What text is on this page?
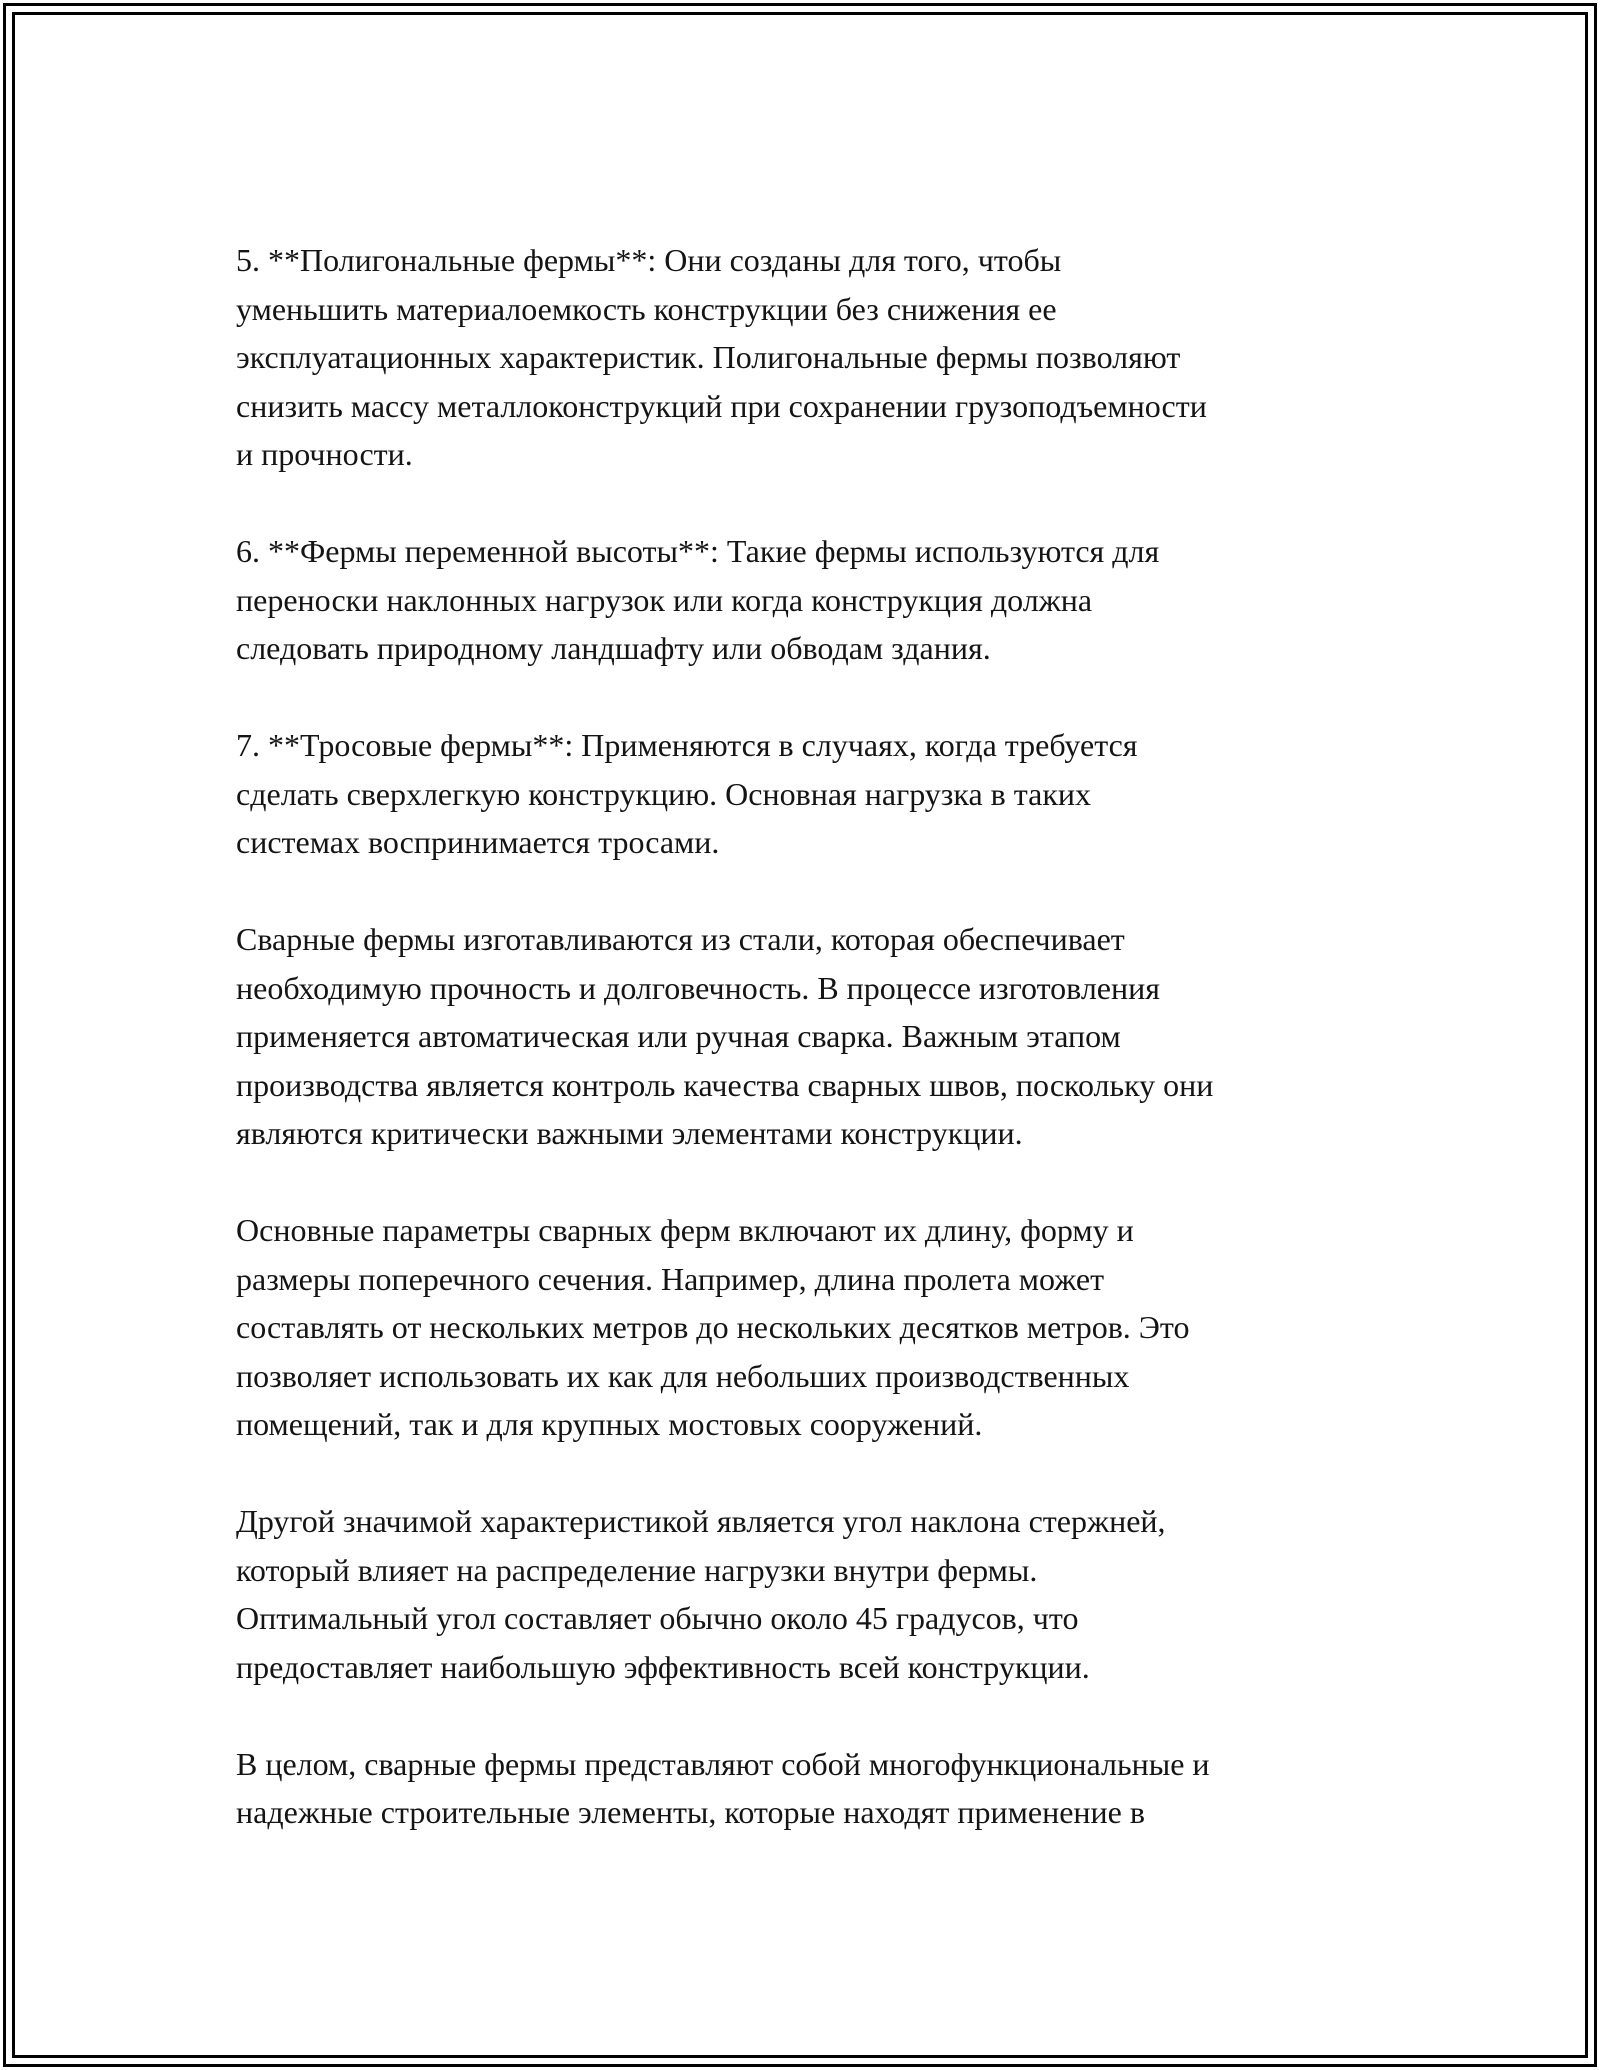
5. **Полигональные фермы**: Они созданы для того, чтобы
уменьшить материалоемкость конструкции без снижения ее
эксплуатационных характеристик. Полигональные фермы позволяют
снизить массу металлоконструкций при сохранении грузоподъемности
и прочности.

6. **Фермы переменной высоты**: Такие фермы используются для
переноски наклонных нагрузок или когда конструкция должна
следовать природному ландшафту или обводам здания.

7. **Тросовые фермы**: Применяются в случаях, когда требуется
сделать сверхлегкую конструкцию. Основная нагрузка в таких
системах воспринимается тросами.

Сварные фермы изготавливаются из стали, которая обеспечивает
необходимую прочность и долговечность. В процессе изготовления
применяется автоматическая или ручная сварка. Важным этапом
производства является контроль качества сварных швов, поскольку они
являются критически важными элементами конструкции.

Основные параметры сварных ферм включают их длину, форму и
размеры поперечного сечения. Например, длина пролета может
составлять от нескольких метров до нескольких десятков метров. Это
позволяет использовать их как для небольших производственных
помещений, так и для крупных мостовых сооружений.

Другой значимой характеристикой является угол наклона стержней,
который влияет на распределение нагрузки внутри фермы.
Оптимальный угол составляет обычно около 45 градусов, что
предоставляет наибольшую эффективность всей конструкции.

В целом, сварные фермы представляют собой многофункциональные и
надежные строительные элементы, которые находят применение в
